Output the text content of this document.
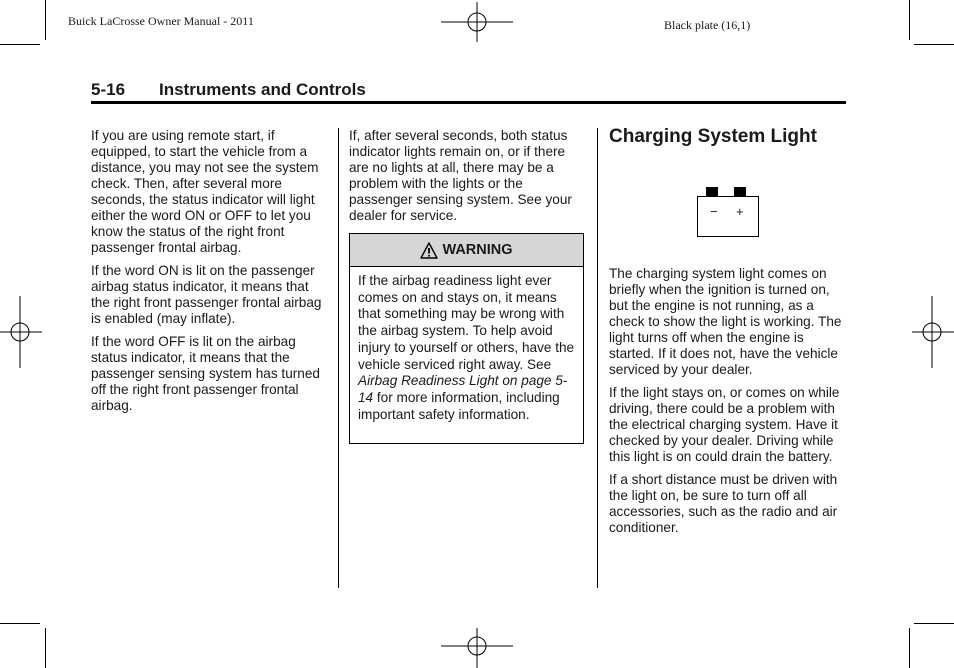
Buick LaCrosse Owner Manual - 2011	Black plate (16,1)
5-16 Instruments and Controls

If you are using remote start, if equipped, to start the vehicle from a distance, you may not see the system check. Then, after several more seconds, the status indicator will light either the word ON or OFF to let you know the status of the right front passenger frontal airbag.

If the word ON is lit on the passenger airbag status indicator, it means that the right front passenger frontal airbag is enabled (may inflate).

If the word OFF is lit on the airbag status indicator, it means that the passenger sensing system has turned off the right front passenger frontal airbag.

If, after several seconds, both status indicator lights remain on, or if there are no lights at all, there may be a problem with the lights or the passenger sensing system. See your dealer for service.

WARNING
If the airbag readiness light ever comes on and stays on, it means that something may be wrong with the airbag system. To help avoid injury to yourself or others, have the vehicle serviced right away. See Airbag Readiness Light on page 5-14 for more information, including important safety information.
Charging System Light
− +

The charging system light comes on briefly when the ignition is turned on, but the engine is not running, as a check to show the light is working. The light turns off when the engine is started. If it does not, have the vehicle serviced by your dealer.

If the light stays on, or comes on while driving, there could be a problem with the electrical charging system. Have it checked by your dealer. Driving while this light is on could drain the battery.

If a short distance must be driven with the light on, be sure to turn off all accessories, such as the radio and air conditioner.
